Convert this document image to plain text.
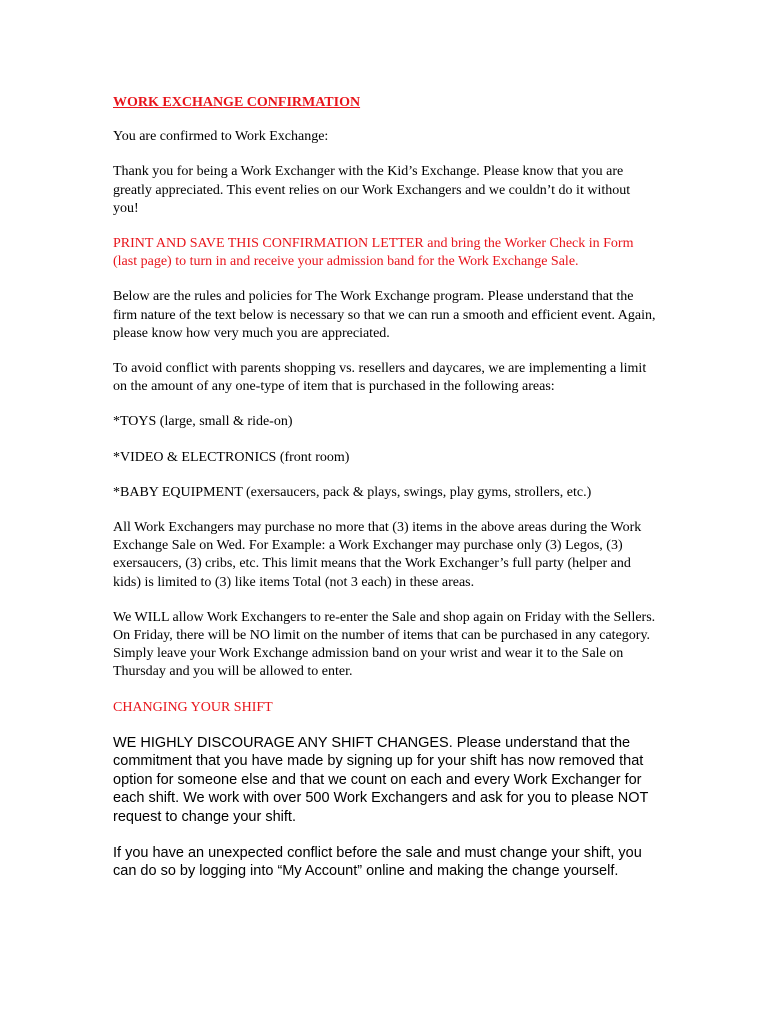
WORK EXCHANGE CONFIRMATION

You are confirmed to Work Exchange:

Thank you for being a Work Exchanger with the Kid’s Exchange. Please know that you are greatly appreciated. This event relies on our Work Exchangers and we couldn’t do it without you!

PRINT AND SAVE THIS CONFIRMATION LETTER and bring the Worker Check in Form (last page) to turn in and receive your admission band for the Work Exchange Sale.

Below are the rules and policies for The Work Exchange program. Please understand that the firm nature of the text below is necessary so that we can run a smooth and efficient event. Again, please know how very much you are appreciated.

To avoid conflict with parents shopping vs. resellers and daycares, we are implementing a limit on the amount of any one-type of item that is purchased in the following areas:

*TOYS (large, small & ride-on)

*VIDEO & ELECTRONICS (front room)

*BABY EQUIPMENT (exersaucers, pack & plays, swings, play gyms, strollers, etc.)

All Work Exchangers may purchase no more that (3) items in the above areas during the Work Exchange Sale on Wed. For Example: a Work Exchanger may purchase only (3) Legos, (3) exersaucers, (3) cribs, etc. This limit means that the Work Exchanger’s full party (helper and kids) is limited to (3) like items Total (not 3 each) in these areas.

We WILL allow Work Exchangers to re-enter the Sale and shop again on Friday with the Sellers. On Friday, there will be NO limit on the number of items that can be purchased in any category. Simply leave your Work Exchange admission band on your wrist and wear it to the Sale on Thursday and you will be allowed to enter.

CHANGING YOUR SHIFT

WE HIGHLY DISCOURAGE ANY SHIFT CHANGES. Please understand that the commitment that you have made by signing up for your shift has now removed that option for someone else and that we count on each and every Work Exchanger for each shift. We work with over 500 Work Exchangers and ask for you to please NOT request to change your shift.

If you have an unexpected conflict before the sale and must change your shift, you can do so by logging into “My Account” online and making the change yourself.
